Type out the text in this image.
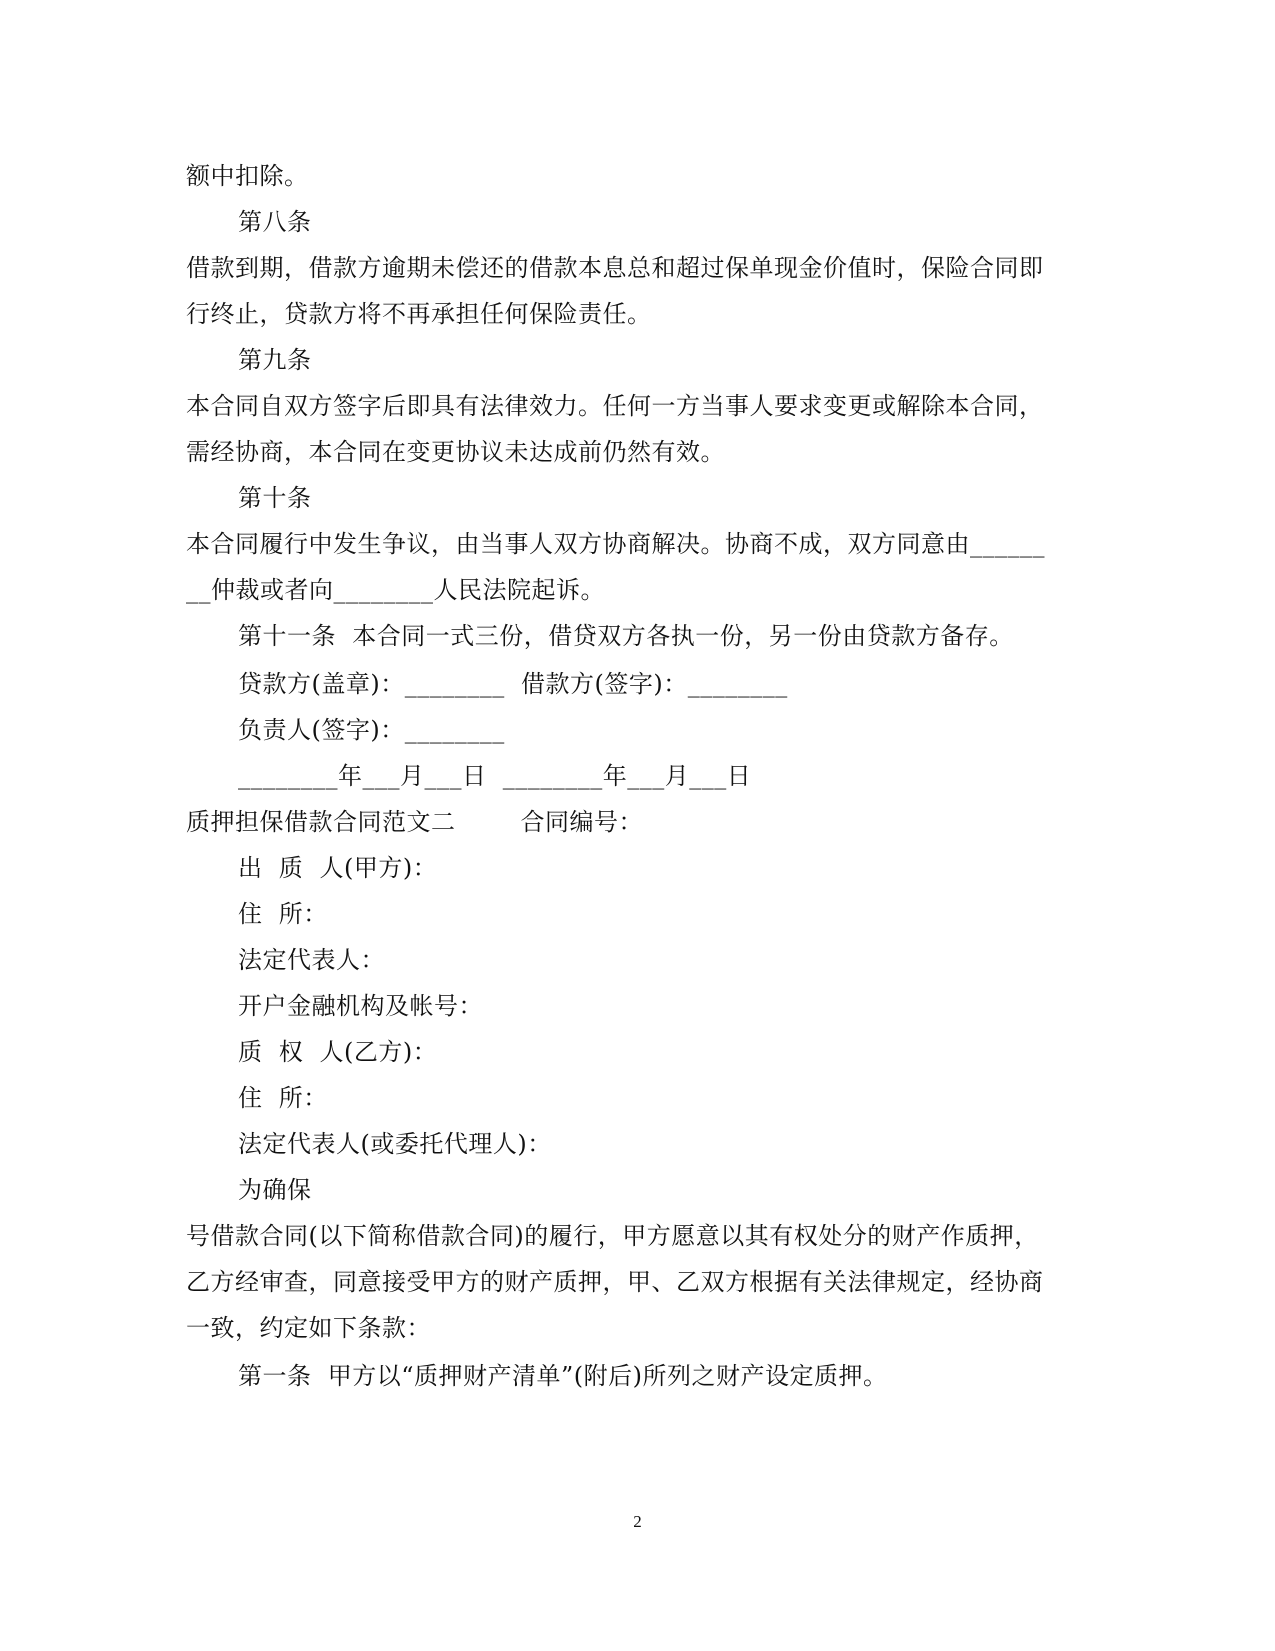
额中扣除。
第八条
借款到期，借款方逾期未偿还的借款本息总和超过保单现金价值时，保险合同即
行终止，贷款方将不再承担任何保险责任。
第九条
本合同自双方签字后即具有法律效力。任何一方当事人要求变更或解除本合同，
需经协商，本合同在变更协议未达成前仍然有效。
第十条
本合同履行中发生争议，由当事人双方协商解决。协商不成，双方同意由______
__仲裁或者向________人民法院起诉。
第十一条  本合同一式三份，借贷双方各执一份，另一份由贷款方备存。
贷款方(盖章)：________  借款方(签字)：________
负责人(签字)：________
________年___月___日  ________年___月___日
质押担保借款合同范文二        合同编号：
出  质  人(甲方)：
住  所：
法定代表人：
开户金融机构及帐号：
质  权  人(乙方)：
住  所：
法定代表人(或委托代理人)：
为确保
号借款合同(以下简称借款合同)的履行，甲方愿意以其有权处分的财产作质押，
乙方经审查，同意接受甲方的财产质押，甲、乙双方根据有关法律规定，经协商
一致，约定如下条款：
第一条  甲方以“质押财产清单”(附后)所列之财产设定质押。
2
